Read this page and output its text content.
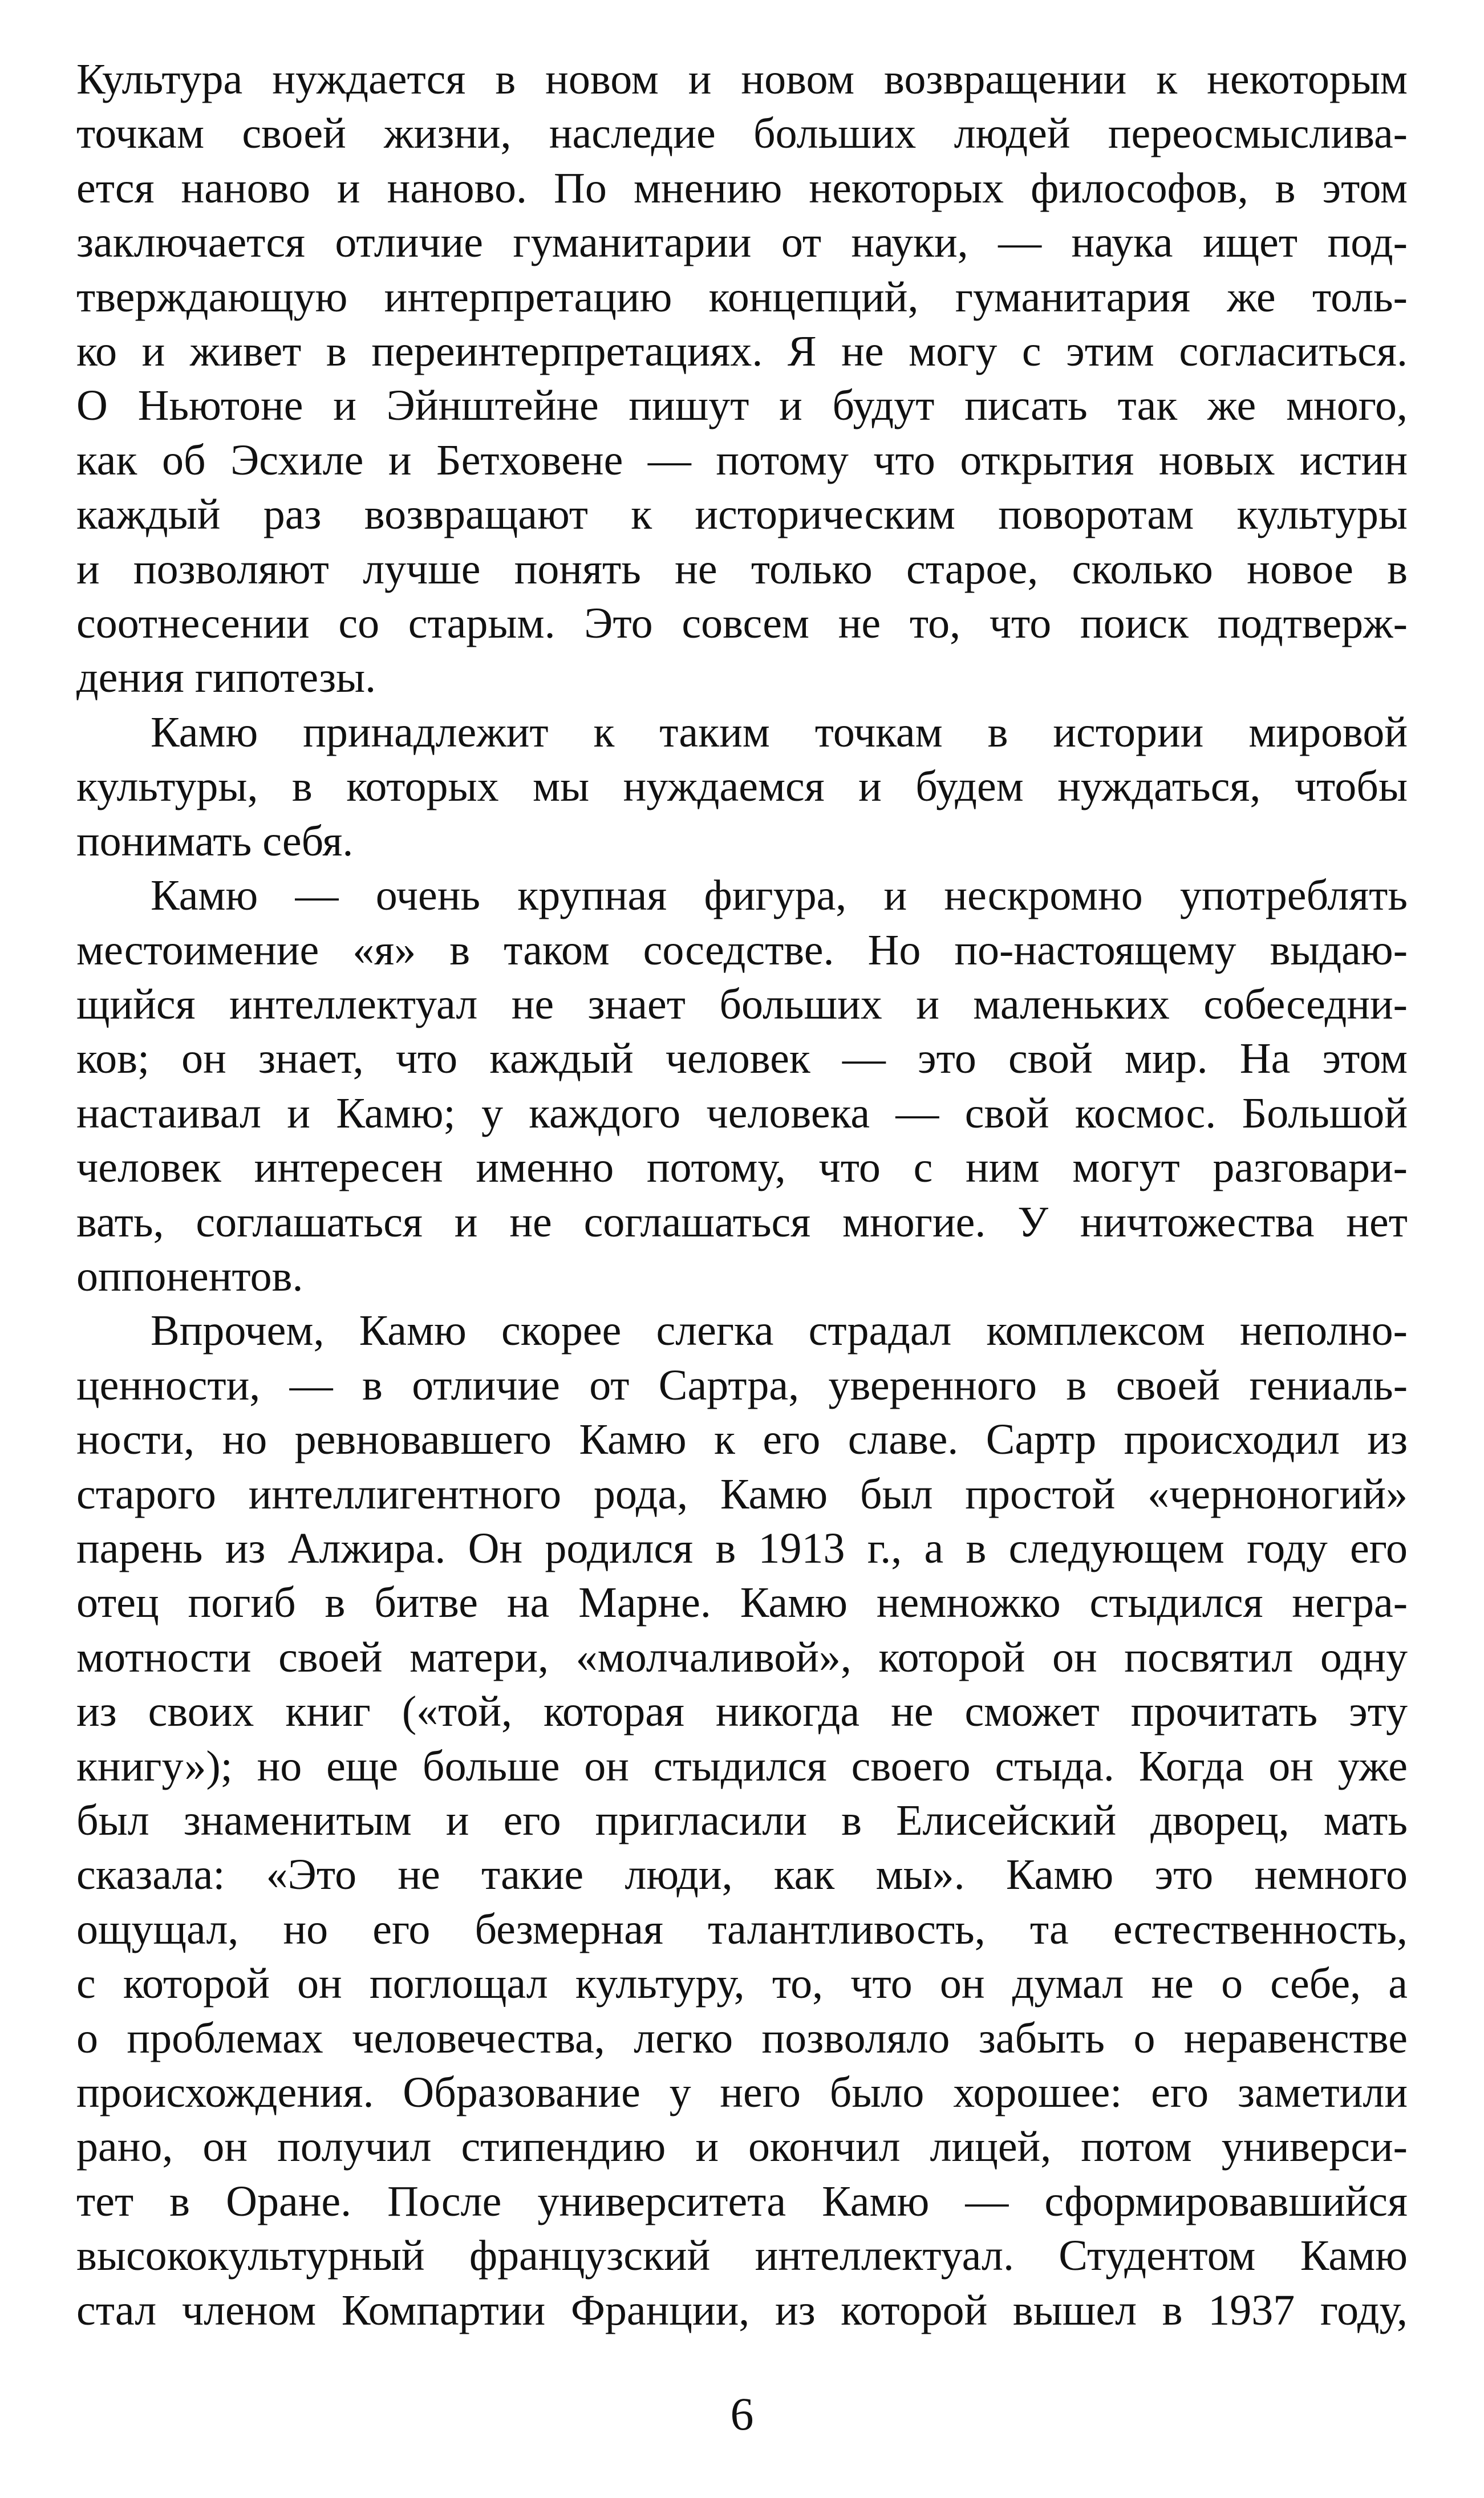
Культура нуждается в новом и новом возвращении к некоторым
точкам своей жизни, наследие больших людей переосмыслива-
ется наново и наново. По мнению некоторых философов, в этом
заключается отличие гуманитарии от науки, — наука ищет под-
тверждающую интерпретацию концепций, гуманитария же толь-
ко и живет в переинтерпретациях. Я не могу с этим согласиться.
О Ньютоне и Эйнштейне пишут и будут писать так же много,
как об Эсхиле и Бетховене — потому что открытия новых истин
каждый раз возвращают к историческим поворотам культуры
и позволяют лучше понять не только старое, сколько новое в
соотнесении со старым. Это совсем не то, что поиск подтверж-
дения гипотезы.
Камю принадлежит к таким точкам в истории мировой
культуры, в которых мы нуждаемся и будем нуждаться, чтобы
понимать себя.
Камю — очень крупная фигура, и нескромно употреблять
местоимение «я» в таком соседстве. Но по-настоящему выдаю-
щийся интеллектуал не знает больших и маленьких собеседни-
ков; он знает, что каждый человек — это свой мир. На этом
настаивал и Камю; у каждого человека — свой космос. Большой
человек интересен именно потому, что с ним могут разговари-
вать, соглашаться и не соглашаться многие. У ничтожества нет
оппонентов.
Впрочем, Камю скорее слегка страдал комплексом неполно-
ценности, — в отличие от Сартра, уверенного в своей гениаль-
ности, но ревновавшего Камю к его славе. Сартр происходил из
старого интеллигентного рода, Камю был простой «черноногий»
парень из Алжира. Он родился в 1913 г., а в следующем году его
отец погиб в битве на Марне. Камю немножко стыдился негра-
мотности своей матери, «молчаливой», которой он посвятил одну
из своих книг («той, которая никогда не сможет прочитать эту
книгу»); но еще больше он стыдился своего стыда. Когда он уже
был знаменитым и его пригласили в Елисейский дворец, мать
сказала: «Это не такие люди, как мы». Камю это немного
ощущал, но его безмерная талантливость, та естественность,
с которой он поглощал культуру, то, что он думал не о себе, а
о проблемах человечества, легко позволяло забыть о неравенстве
происхождения. Образование у него было хорошее: его заметили
рано, он получил стипендию и окончил лицей, потом универси-
тет в Оране. После университета Камю — сформировавшийся
высококультурный французский интеллектуал. Студентом Камю
стал членом Компартии Франции, из которой вышел в 1937 году,
6
